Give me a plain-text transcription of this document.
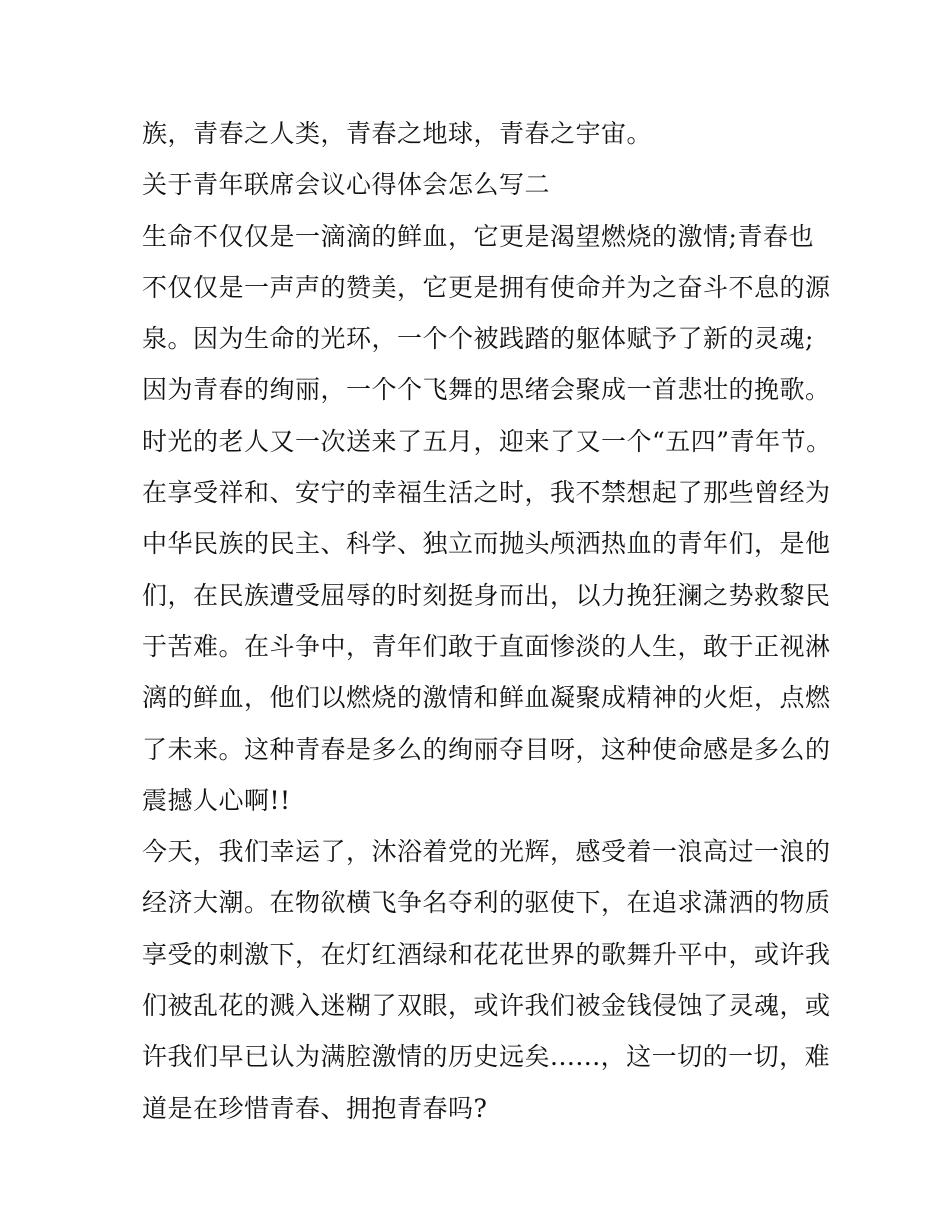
族，青春之人类，青春之地球，青春之宇宙。
关于青年联席会议心得体会怎么写二
生命不仅仅是一滴滴的鲜血，它更是渴望燃烧的激情;青春也
不仅仅是一声声的赞美，它更是拥有使命并为之奋斗不息的源
泉。因为生命的光环，一个个被践踏的躯体赋予了新的灵魂;
因为青春的绚丽，一个个飞舞的思绪会聚成一首悲壮的挽歌。
时光的老人又一次送来了五月，迎来了又一个“五四”青年节。
在享受祥和、安宁的幸福生活之时，我不禁想起了那些曾经为
中华民族的民主、科学、独立而抛头颅洒热血的青年们，是他
们，在民族遭受屈辱的时刻挺身而出，以力挽狂澜之势救黎民
于苦难。在斗争中，青年们敢于直面惨淡的人生，敢于正视淋
漓的鲜血，他们以燃烧的激情和鲜血凝聚成精神的火炬，点燃
了未来。这种青春是多么的绚丽夺目呀，这种使命感是多么的
震撼人心啊!!
今天，我们幸运了，沐浴着党的光辉，感受着一浪高过一浪的
经济大潮。在物欲横飞争名夺利的驱使下，在追求潇洒的物质
享受的刺激下，在灯红酒绿和花花世界的歌舞升平中，或许我
们被乱花的溅入迷糊了双眼，或许我们被金钱侵蚀了灵魂，或
许我们早已认为满腔激情的历史远矣......，这一切的一切，难
道是在珍惜青春、拥抱青春吗?
